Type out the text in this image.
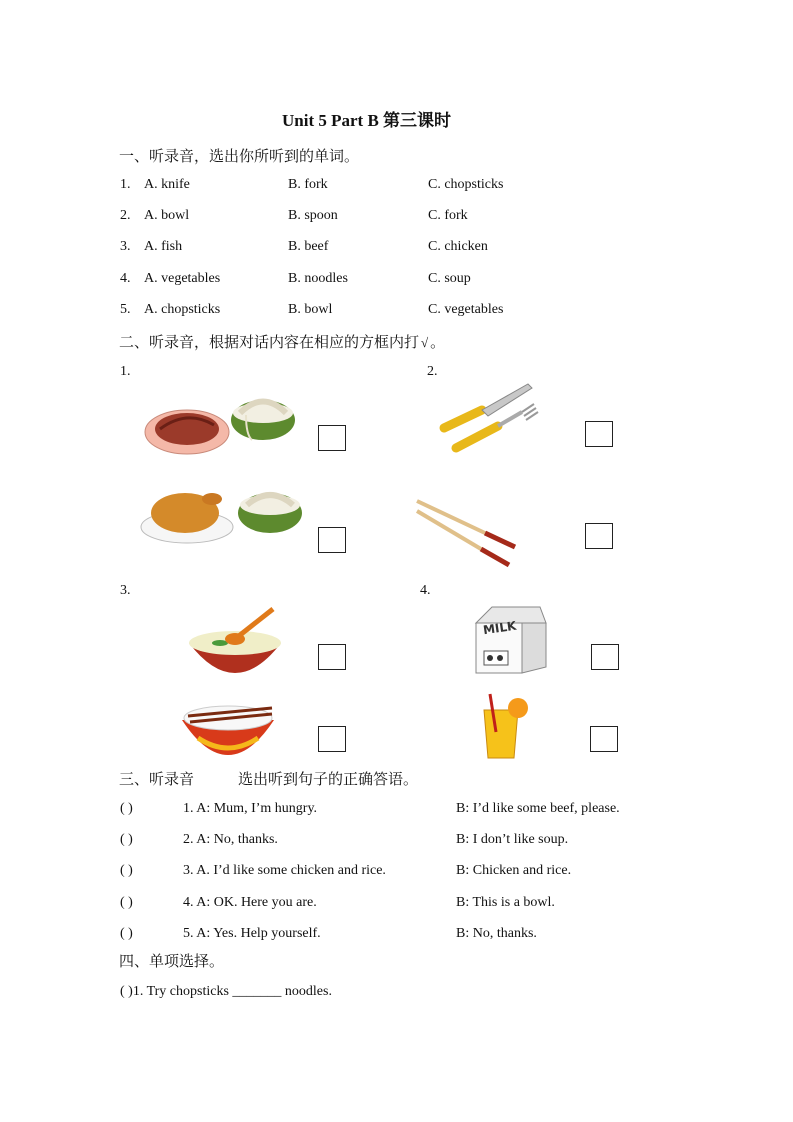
Unit 5 Part B 第三课时
一、听录音，选出你所听到的单词。
1. A. knife	B. fork	C. chopsticks
2. A. bowl	B. spoon	C. fork
3. A. fish	B. beef	C. chicken
4. A. vegetables	B. noodles	C. soup
5. A. chopsticks	B. bowl	C. vegetables
二、听录音，根据对话内容在相应的方框内打 √ 。
1.	2.
3.	4.
MILK
三、听录音	选出听到句子的正确答语。
( )	1. A: Mum, I’m hungry.	B: I’d like some beef, please.
( )	2. A: No, thanks.	B: I don’t like soup.
( )	3. A. I’d like some chicken and rice.	B: Chicken and rice.
( )	4. A: OK. Here you are.	B: This is a bowl.
( )	5. A: Yes. Help yourself.	B: No, thanks.
四、单项选择。
( )1. Try chopsticks _______ noodles.
